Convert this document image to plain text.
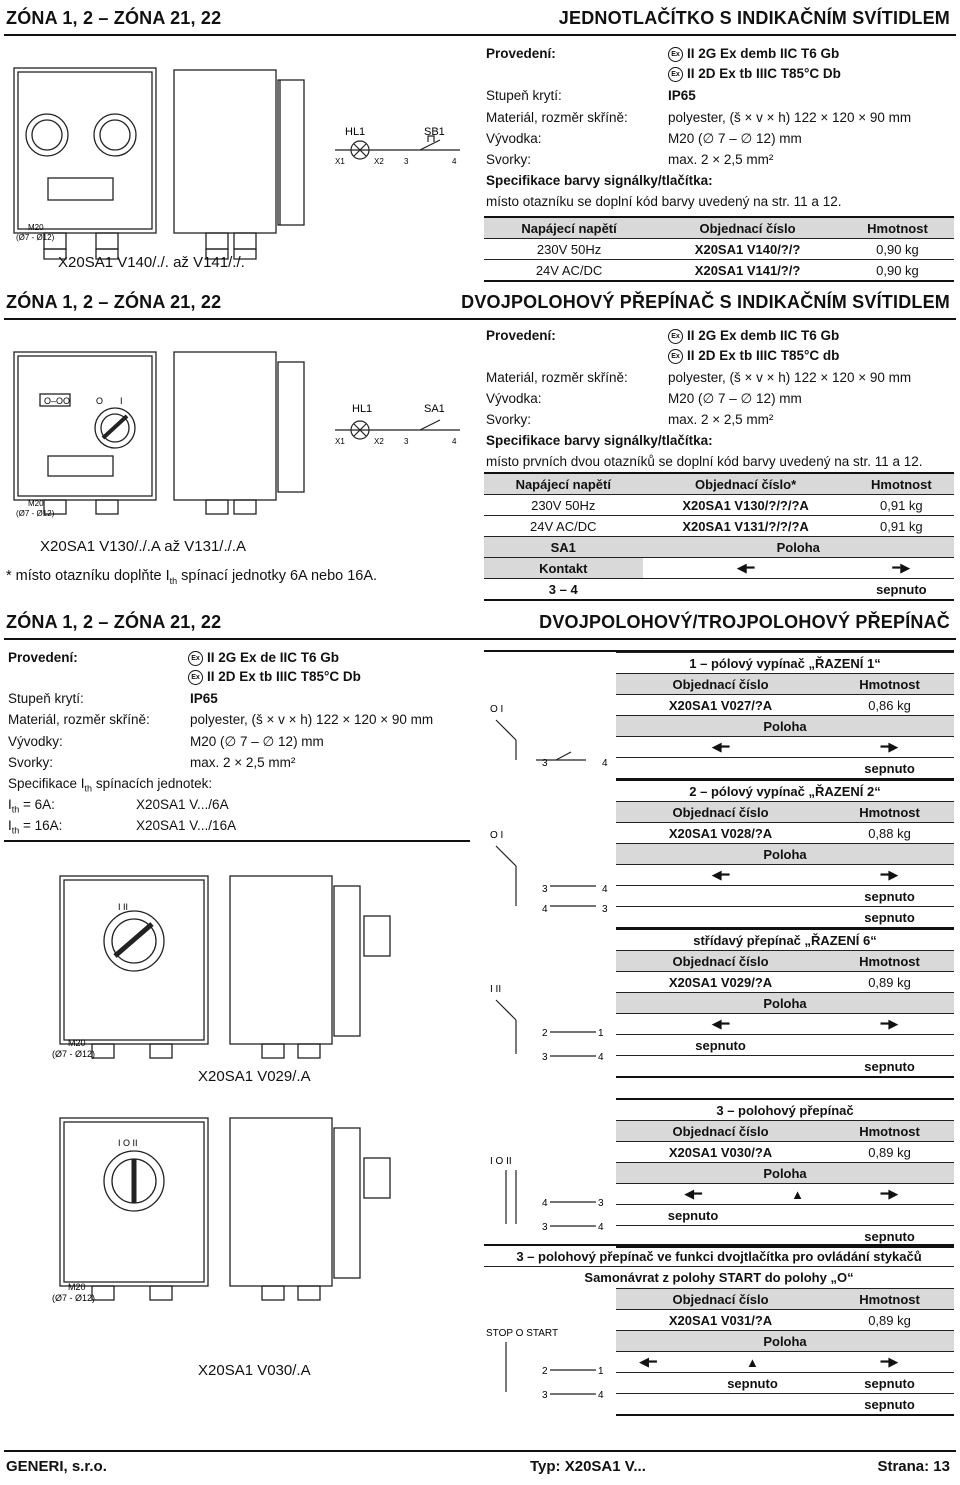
ZÓNA 1, 2 – ZÓNA 21, 22	JEDNOTLAČÍTKO S INDIKAČNÍM SVÍTIDLEM
HL1	SB1
X1	X2	3	4
M20
(Ø7 - Ø12)
X20SA1 V140/./. až V141/./.
Provedení:	Ex II 2G Ex demb IIC T6 Gb
Ex II 2D Ex tb IIIC T85°C Db
Stupeň krytí:	IP65
Materiál, rozměr skříně:	polyester, (š × v × h) 122 × 120 × 90 mm
Vývodka:	M20 (∅ 7 – ∅ 12) mm
Svorky:	max. 2 × 2,5 mm²
Specifikace barvy signálky/tlačítka:
místo otazníku se doplní kód barvy uvedený na str. 11 a 12.
Napájecí napětí	Objednací číslo	Hmotnost
230V 50Hz	X20SA1 V140/?/?	0,90 kg
24V AC/DC	X20SA1 V141/?/?	0,90 kg
ZÓNA 1, 2 – ZÓNA 21, 22	DVOJPOLOHOVÝ PŘEPÍNAČ S INDIKAČNÍM SVÍTIDLEM
O–OO	O I
HL1	SA1
X1	X2	3	4
M20
(Ø7 - Ø12)
X20SA1 V130/./.A až V131/./.A
* místo otazníku doplňte $I_{th}$ spínací jednotky 6A nebo 16A.
Provedení:	Ex II 2G Ex demb IIC T6 Gb
Ex II 2D Ex tb IIIC T85°C db
Materiál, rozměr skříně:	polyester, (š × v × h) 122 × 120 × 90 mm
Vývodka:	M20 (∅ 7 – ∅ 12) mm
Svorky:	max. 2 × 2,5 mm²
Specifikace barvy signálky/tlačítka:
místo prvních dvou otazníků se doplní kód barvy uvedený na str. 11 a 12.
Napájecí napětí	Objednací číslo*	Hmotnost
230V 50Hz	X20SA1 V130/?/?/?A	0,91 kg
24V AC/DC	X20SA1 V131/?/?/?A	0,91 kg
SA1	Poloha	
Kontakt	◀━	━▶
3 – 4		sepnuto
ZÓNA 1, 2 – ZÓNA 21, 22	DVOJPOLOHOVÝ/TROJPOLOHOVÝ PŘEPÍNAČ
Provedení:	Ex II 2G Ex de IIC T6 Gb
Ex II 2D Ex tb IIIC T85°C Db
Stupeň krytí:	IP65
Materiál, rozměr skříně:	polyester, (š × v × h) 122 × 120 × 90 mm
Vývodky:	M20 (∅ 7 – ∅ 12) mm
Svorky:	max. 2 × 2,5 mm²
Specifikace $I_{th}$ spínacích jednotek:
$I_{th} = 6A$:	X20SA1 V.../6A
$I_{th} = 16A$:	X20SA1 V.../16A
I II
I O II
M20
(Ø7 - Ø12)
M20
(Ø7 - Ø12)
X20SA1 V029/.A
X20SA1 V030/.A
O I
3	4
1 – pólový vypínač „ŘAZENÍ 1“	
Objednací číslo	Hmotnost
X20SA1 V027/?A	0,86 kg
Poloha	
◀━	━▶
	sepnuto
O I
3	4
4	3
2 – pólový vypínač „ŘAZENÍ 2“	
Objednací číslo	Hmotnost
X20SA1 V028/?A	0,88 kg
Poloha	
◀━	━▶
	sepnuto
	sepnuto
I II
2	1
3	4
střídavý přepínač „ŘAZENÍ 6“	
Objednací číslo	Hmotnost
X20SA1 V029/?A	0,89 kg
Poloha	
◀━	━▶
sepnuto	
	sepnuto
I O II
4	3
3	4
3 – polohový přepínač		
Objednací číslo		Hmotnost
X20SA1 V030/?A		0,89 kg
Poloha		
◀━	▲	━▶
sepnuto		
		sepnuto
3 – polohový přepínač ve funkci dvojtlačítka pro ovládání stykačů
Samonávrat z polohy START do polohy „O“
STOP O START
2	1
3	4
Objednací číslo		Hmotnost
X20SA1 V031/?A		0,89 kg
Poloha		
◀━	▲	━▶
	sepnuto	sepnuto
		sepnuto
GENERI, s.r.o.	Typ: X20SA1 V...	Strana: 13
